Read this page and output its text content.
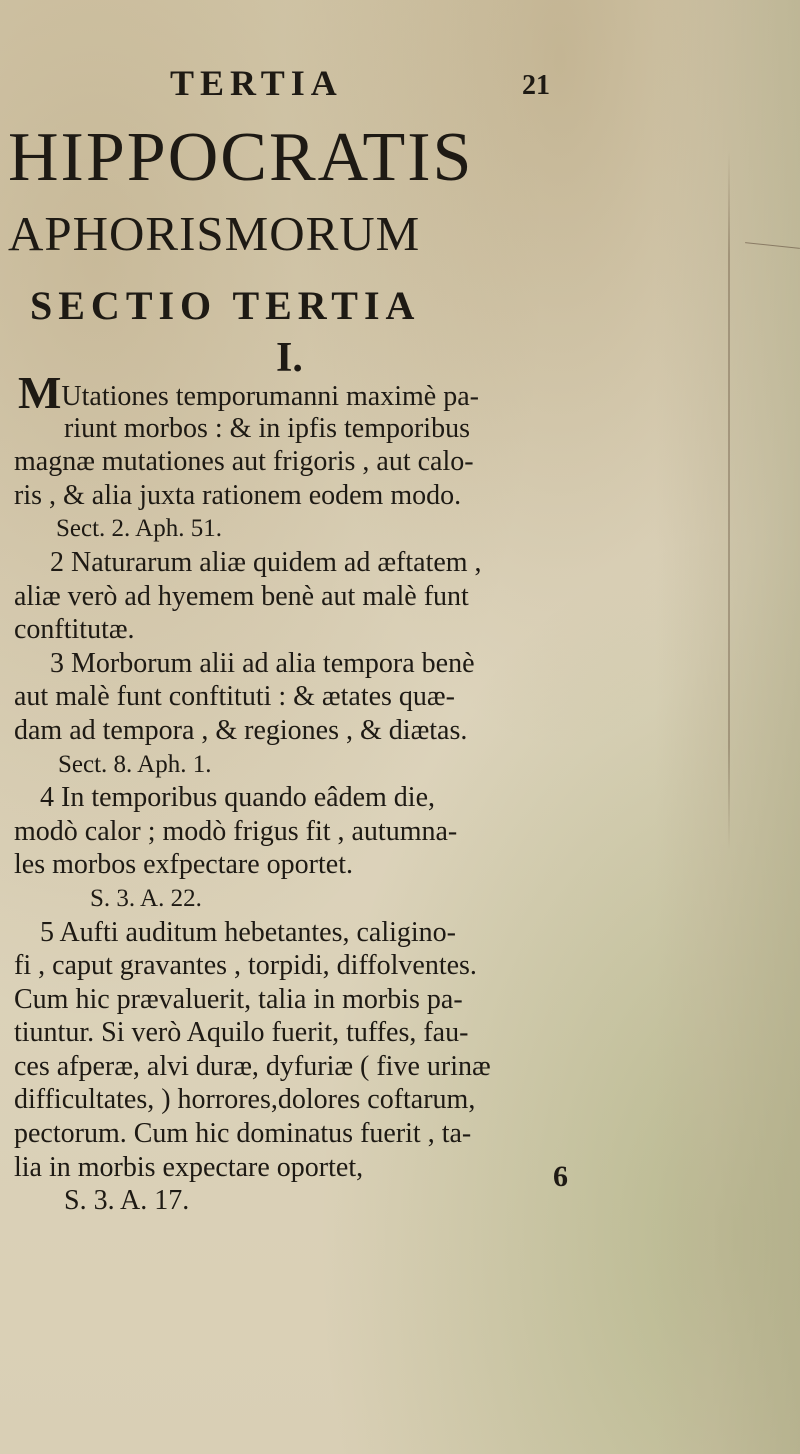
TERTIA	21
HIPPOCRATIS
APHORISMORUM
SECTIO TERTIA
I.
MUtationes temporumanni maximè pa-
riunt morbos : & in ipfis temporibus
magnæ mutationes aut frigoris , aut calo-
ris , & alia juxta rationem eodem modo.
Sect. 2. Aph. 51.
2 Naturarum aliæ quidem ad æftatem ,
aliæ verò ad hyemem benè aut malè funt
conftitutæ.
3 Morborum alii ad alia tempora benè
aut malè funt conftituti : & ætates quæ-
dam ad tempora , & regiones , & diætas.
Sect. 8. Aph. 1.
4 In temporibus quando eâdem die,
modò calor ; modò frigus fit , autumna-
les morbos exfpectare oportet.
S. 3. A. 22.
5 Aufti auditum hebetantes, caligino-
fi , caput gravantes , torpidi, diffolventes.
Cum hic prævaluerit, talia in morbis pa-
tiuntur. Si verò Aquilo fuerit, tuffes, fau-
ces afperæ, alvi duræ, dyfuriæ ( five urinæ
difficultates, ) horrores,dolores coftarum,
pectorum. Cum hic dominatus fuerit , ta-
lia in morbis expectare oportet,
S. 3. A. 17.
6
